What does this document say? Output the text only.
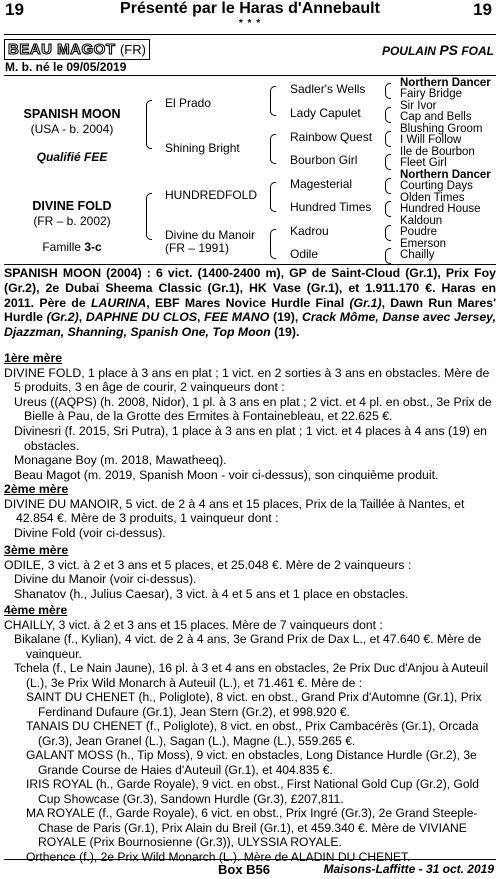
19	Présenté par le Haras d'Annebault	19
* * *
BEAU MAGOT (FR)	POULAIN PS FOAL
M. b. né le 09/05/2019
SPANISH MOON
(USA - b. 2004)
Qualifié FEE
DIVINE FOLD
(FR – b. 2002)
Famille 3-c
El Prado
Shining Bright
HUNDREDFOLD
Divine du Manoir
(FR – 1991)
Sadler's Wells
Lady Capulet
Rainbow Quest
Bourbon Girl
Magesterial
Hundred Times
Kadrou
Odile
Northern Dancer
Fairy Bridge
Sir Ivor
Cap and Bells
Blushing Groom
I Will Follow
Ile de Bourbon
Fleet Girl
Northern Dancer
Courting Days
Olden Times
Hundred House
Kaldoun
Poudre
Emerson
Chailly
SPANISH MOON (2004) : 6 vict. (1400-2400 m), GP de Saint-Cloud (Gr.1), Prix Foy (Gr.2), 2e Dubai Sheema Classic (Gr.1), HK Vase (Gr.1), et 1.911.170 €. Haras en 2011. Père de LAURINA, EBF Mares Novice Hurdle Final (Gr.1), Dawn Run Mares' Hurdle (Gr.2), DAPHNE DU CLOS, FEE MANO (19), Crack Môme, Danse avec Jersey, Djazzman, Shanning, Spanish One, Top Moon (19).
1ère mère
DIVINE FOLD, 1 place à 3 ans en plat ; 1 vict. en 2 sorties à 3 ans en obstacles. Mère de 5 produits, 3 en âge de courir, 2 vainqueurs dont :
Ureus ((AQPS) (h. 2008, Nidor), 1 pl. à 3 ans en plat ; 2 vict. et 4 pl. en obst., 3e Prix de Bielle à Pau, de la Grotte des Ermites à Fontainebleau, et 22.625 €.
Divinesri (f. 2015, Sri Putra), 1 place à 3 ans en plat ; 1 vict. et 4 places à 4 ans (19) en obstacles.
Monagane Boy (m. 2018, Mawatheeq).
Beau Magot (m. 2019, Spanish Moon - voir ci-dessus), son cinquième produit.
2ème mère
DIVINE DU MANOIR, 5 vict. de 2 à 4 ans et 15 places, Prix de la Taillée à Nantes, et 42.854 €. Mère de 3 produits, 1 vainqueur dont :
Divine Fold (voir ci-dessus).
3ème mère
ODILE, 3 vict. à 2 et 3 ans et 5 places, et 25.048 €. Mère de 2 vainqueurs :
Divine du Manoir (voir ci-dessus).
Shanatov (h., Julius Caesar), 3 vict. à 4 et 5 ans et 1 place en obstacles.
4ème mère
CHAILLY, 3 vict. à 2 et 3 ans et 15 places. Mère de 7 vainqueurs dont :
Bikalane (f., Kylian), 4 vict. de 2 à 4 ans, 3e Grand Prix de Dax L., et 47.640 €. Mère de vainqueur.
Tchela (f., Le Nain Jaune), 16 pl. à 3 et 4 ans en obstacles, 2e Prix Duc d'Anjou à Auteuil (L.), 3e Prix Wild Monarch à Auteuil (L.), et 71.461 €. Mère de :
SAINT DU CHENET (h., Poliglote), 8 vict. en obst., Grand Prix d'Automne (Gr.1), Prix Ferdinand Dufaure (Gr.1), Jean Stern (Gr.2), et 998.920 €.
TANAIS DU CHENET (f., Poliglote), 8 vict. en obst., Prix Cambacérès (Gr.1), Orcada (Gr.3), Jean Granel (L.), Sagan (L.), Magne (L.), 559.265 €.
GALANT MOSS (h., Tip Moss), 9 vict. en obstacles, Long Distance Hurdle (Gr.2), 3e Grande Course de Haies d'Auteuil (Gr.1), et 404.835 €.
IRIS ROYAL (h., Garde Royale), 9 vict. en obst., First National Gold Cup (Gr.2), Gold Cup Showcase (Gr.3), Sandown Hurdle (Gr.3), £207,811.
MA ROYALE (f., Garde Royale), 6 vict. en obst., Prix Ingré (Gr.3), 2e Grand Steeple-Chase de Paris (Gr.1), Prix Alain du Breil (Gr.1), et 459.340 €. Mère de VIVIANE ROYALE (Prix Bournosienne (Gr.3)), ULYSSIA ROYALE.
Orthence (f.), 2e Prix Wild Monarch (L.). Mère de ALADIN DU CHENET.
Box B56	Maisons-Laffitte - 31 oct. 2019
